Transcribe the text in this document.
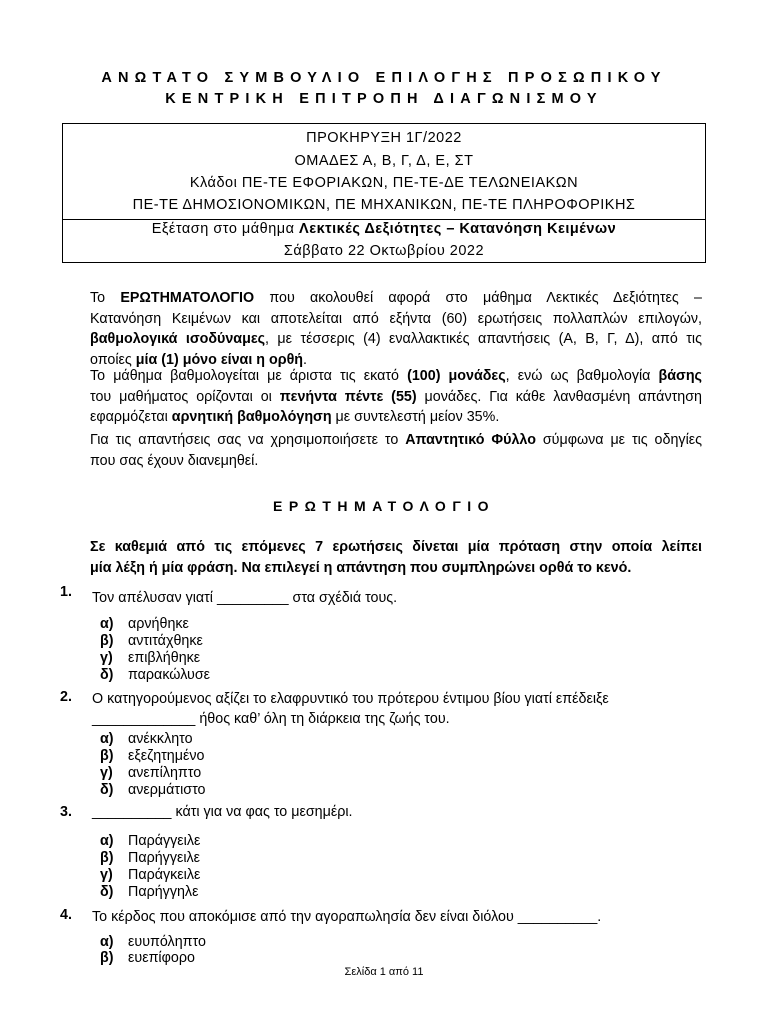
ΑΝΩΤΑΤΟ ΣΥΜΒΟΥΛΙΟ ΕΠΙΛΟΓΗΣ ΠΡΟΣΩΠΙΚΟΥ
ΚΕΝΤΡΙΚΗ ΕΠΙΤΡΟΠΗ ΔΙΑΓΩΝΙΣΜΟΥ
ΠΡΟΚΗΡΥΞΗ 1Γ/2022
ΟΜΑΔΕΣ Α, Β, Γ, Δ, Ε, ΣΤ
Κλάδοι ΠΕ-ΤΕ ΕΦΟΡΙΑΚΩΝ, ΠΕ-ΤΕ-ΔΕ ΤΕΛΩΝΕΙΑΚΩΝ
ΠΕ-ΤΕ ΔΗΜΟΣΙΟΝΟΜΙΚΩΝ, ΠΕ ΜΗΧΑΝΙΚΩΝ, ΠΕ-ΤΕ ΠΛΗΡΟΦΟΡΙΚΗΣ
Εξέταση στο μάθημα Λεκτικές Δεξιότητες – Κατανόηση Κειμένων
Σάββατο 22 Οκτωβρίου 2022
Το ΕΡΩΤΗΜΑΤΟΛΟΓΙΟ που ακολουθεί αφορά στο μάθημα Λεκτικές Δεξιότητες –
Κατανόηση Κειμένων και αποτελείται από εξήντα (60) ερωτήσεις πολλαπλών επιλογών,
βαθμολογικά ισοδύναμες, με τέσσερις (4) εναλλακτικές απαντήσεις (Α, Β, Γ, Δ), από τις
οποίες μία (1) μόνο είναι η ορθή.
Το μάθημα βαθμολογείται με άριστα τις εκατό (100) μονάδες, ενώ ως βαθμολογία βάσης
του μαθήματος ορίζονται οι πενήντα πέντε (55) μονάδες. Για κάθε λανθασμένη απάντηση
εφαρμόζεται αρνητική βαθμολόγηση με συντελεστή μείον 35%.
Για τις απαντήσεις σας να χρησιμοποιήσετε το Απαντητικό Φύλλο σύμφωνα με τις οδηγίες
που σας έχουν διανεμηθεί.
ΕΡΩΤΗΜΑΤΟΛΟΓΙΟ
Σε καθεμιά από τις επόμενες 7 ερωτήσεις δίνεται μία πρόταση στην οποία λείπει
μία λέξη ή μία φράση. Να επιλεγεί η απάντηση που συμπληρώνει ορθά το κενό.
1. Τον απέλυσαν γιατί _________ στα σχέδιά τους.
α) αρνήθηκε
β) αντιτάχθηκε
γ) επιβλήθηκε
δ) παρακώλυσε
2. Ο κατηγορούμενος αξίζει το ελαφρυντικό του πρότερου έντιμου βίου γιατί επέδειξε
_____________ ήθος καθ’ όλη τη διάρκεια της ζωής του.
α) ανέκκλητο
β) εξεζητημένο
γ) ανεπίληπτο
δ) ανερμάτιστο
3. __________ κάτι για να φας το μεσημέρι.
α) Παράγγειλε
β) Παρήγγειλε
γ) Παράγκειλε
δ) Παρήγγηλε
4. Το κέρδος που αποκόμισε από την αγοραπωλησία δεν είναι διόλου __________.
α) ευυπόληπτο
β) ευεπίφορο
Σελίδα 1 από 11
